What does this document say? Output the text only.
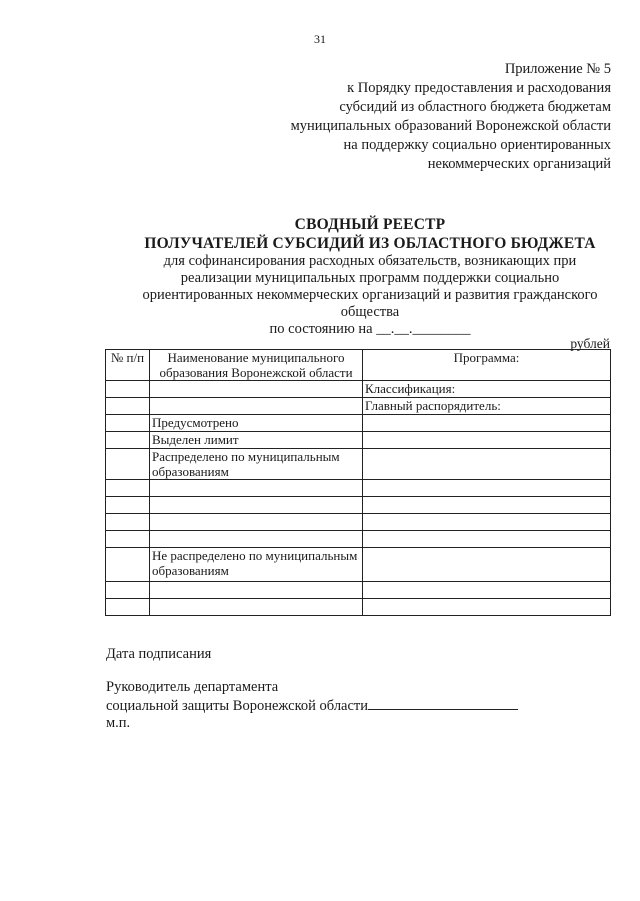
31
Приложение № 5
к Порядку предоставления и расходования
субсидий из областного бюджета бюджетам
муниципальных образований Воронежской области
на поддержку социально ориентированных
некоммерческих организаций
СВОДНЫЙ РЕЕСТР
ПОЛУЧАТЕЛЕЙ СУБСИДИЙ ИЗ ОБЛАСТНОГО БЮДЖЕТА
для софинансирования расходных обязательств, возникающих при
реализации муниципальных программ поддержки социально
ориентированных некоммерческих организаций и развития гражданского
общества
по состоянию на __.__.________
рублей
№ п/п	Наименование муниципального образования Воронежской области	Программа:
		Классификация:
		Главный распорядитель:
	Предусмотрено	
	Выделен лимит	
	Распределено по муниципальным образованиям	

	Не распределено по муниципальным образованиям	

Дата подписания
Руководитель департамента
социальной защиты Воронежской области
м.п.
